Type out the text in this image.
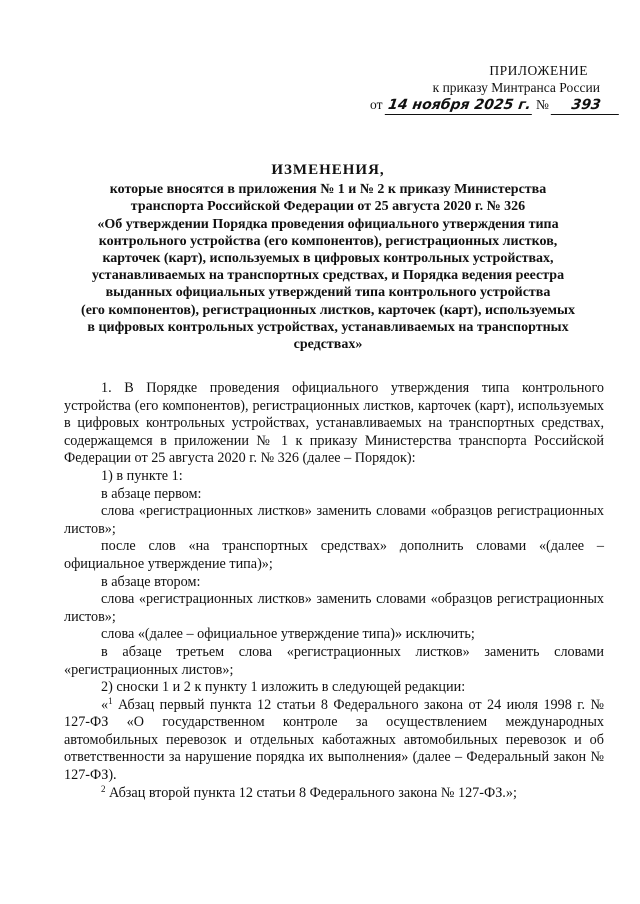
ПРИЛОЖЕНИЕ
к приказу Минтранса России
от 14 ноября 2025 г. № 393
ИЗМЕНЕНИЯ,
которые вносятся в приложения № 1 и № 2 к приказу Министерства
транспорта Российской Федерации от 25 августа 2020 г. № 326
«Об утверждении Порядка проведения официального утверждения типа
контрольного устройства (его компонентов), регистрационных листков,
карточек (карт), используемых в цифровых контрольных устройствах,
устанавливаемых на транспортных средствах, и Порядка ведения реестра
выданных официальных утверждений типа контрольного устройства
(его компонентов), регистрационных листков, карточек (карт), используемых
в цифровых контрольных устройствах, устанавливаемых на транспортных
средствах»

1. В Порядке проведения официального утверждения типа контрольного устройства (его компонентов), регистрационных листков, карточек (карт), используемых в цифровых контрольных устройствах, устанавливаемых на транспортных средствах, содержащемся в приложении № 1 к приказу Министерства транспорта Российской Федерации от 25 августа 2020 г. № 326 (далее – Порядок):

1) в пункте 1:

в абзаце первом:

слова «регистрационных листков» заменить словами «образцов регистрационных листов»;

после слов «на транспортных средствах» дополнить словами «(далее – официальное утверждение типа)»;

в абзаце втором:

слова «регистрационных листков» заменить словами «образцов регистрационных листов»;

слова «(далее – официальное утверждение типа)» исключить;

в абзаце третьем слова «регистрационных листков» заменить словами «регистрационных листов»;

2) сноски 1 и 2 к пункту 1 изложить в следующей редакции:

«$^1$ Абзац первый пункта 12 статьи 8 Федерального закона от 24 июля 1998 г. № 127-ФЗ «О государственном контроле за осуществлением международных автомобильных перевозок и отдельных каботажных автомобильных перевозок и об ответственности за нарушение порядка их выполнения» (далее – Федеральный закон № 127-ФЗ).

$^2$ Абзац второй пункта 12 статьи 8 Федерального закона № 127-ФЗ.»;
